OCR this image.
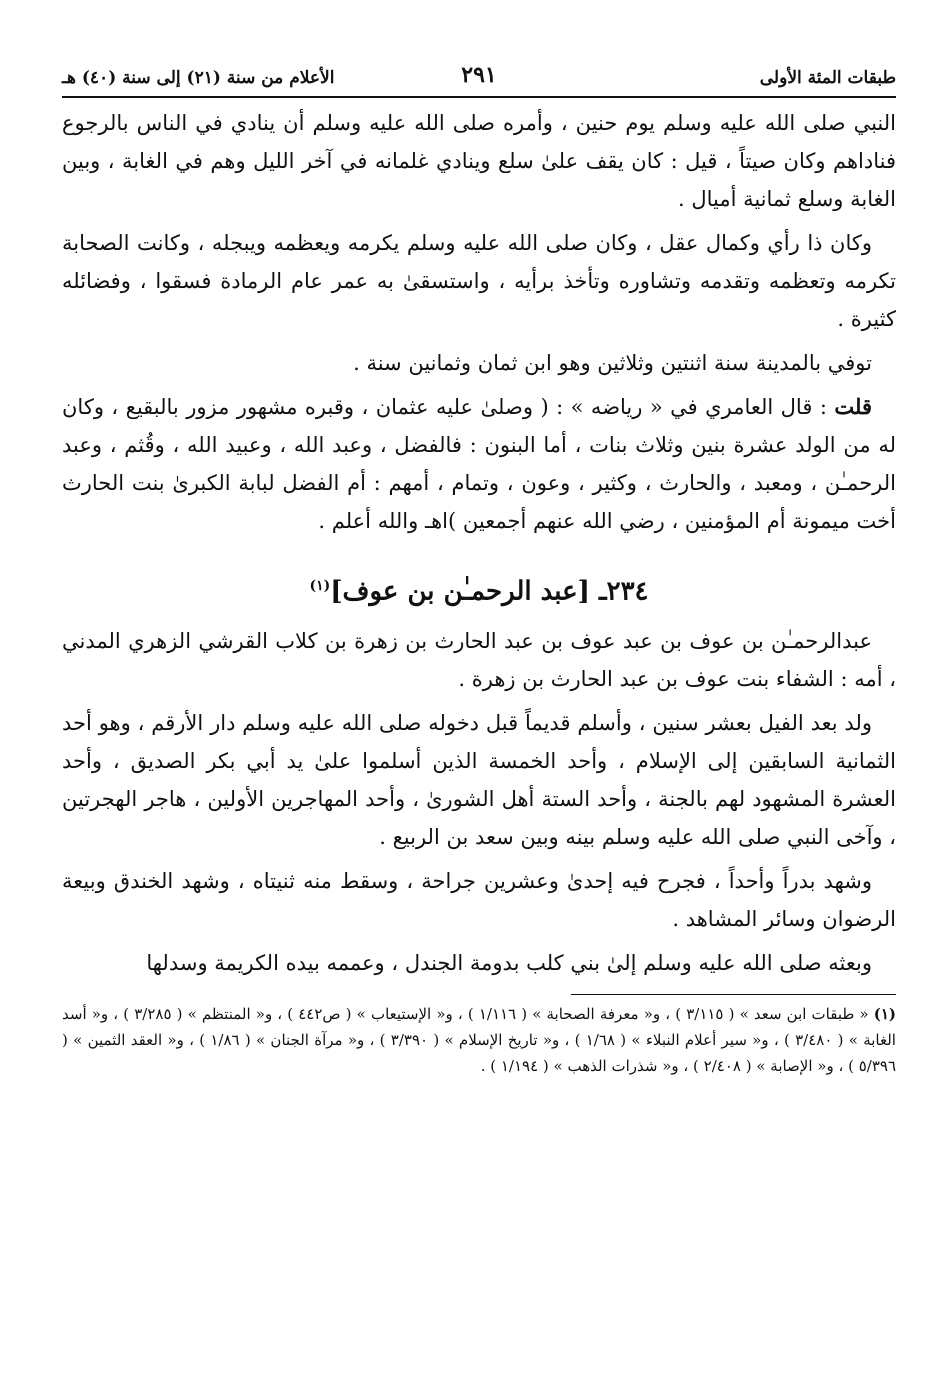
طبقات المئة الأولى
٢٩١
الأعلام من سنة (٢١) إلى سنة (٤٠) هـ

النبي صلى الله عليه وسلم يوم حنين ، وأمره صلى الله عليه وسلم أن ينادي في الناس بالرجوع فناداهم وكان صيتاً ، قيل : كان يقف علىٰ سلع وينادي غلمانه في آخر الليل وهم في الغابة ، وبين الغابة وسلع ثمانية أميال .

وكان ذا رأي وكمال عقل ، وكان صلى الله عليه وسلم يكرمه ويعظمه ويبجله ، وكانت الصحابة تكرمه وتعظمه وتقدمه وتشاوره وتأخذ برأيه ، واستسقىٰ به عمر عام الرمادة فسقوا ، وفضائله كثيرة .

توفي بالمدينة سنة اثنتين وثلاثين وهو ابن ثمان وثمانين سنة .

قلت : قال العامري في « رياضه » : ( وصلىٰ عليه عثمان ، وقبره مشهور مزور بالبقيع ، وكان له من الولد عشرة بنين وثلاث بنات ، أما البنون : فالفضل ، وعبد الله ، وعبيد الله ، وقُثم ، وعبد الرحمـٰن ، ومعبد ، والحارث ، وكثير ، وعون ، وتمام ، أمهم : أم الفضل لبابة الكبرىٰ بنت الحارث أخت ميمونة أم المؤمنين ، رضي الله عنهم أجمعين )اهـ والله أعلم .

٢٣٤ـ [عبد الرحمـٰن بن عوف]$^{(١)}$

عبدالرحمـٰن بن عوف بن عبد عوف بن عبد الحارث بن زهرة بن كلاب القرشي الزهري المدني ، أمه : الشفاء بنت عوف بن عبد الحارث بن زهرة .

ولد بعد الفيل بعشر سنين ، وأسلم قديماً قبل دخوله صلى الله عليه وسلم دار الأرقم ، وهو أحد الثمانية السابقين إلى الإسلام ، وأحد الخمسة الذين أسلموا علىٰ يد أبي بكر الصديق ، وأحد العشرة المشهود لهم بالجنة ، وأحد الستة أهل الشورىٰ ، وأحد المهاجرين الأولين ، هاجر الهجرتين ، وآخى النبي صلى الله عليه وسلم بينه وبين سعد بن الربيع .

وشهد بدراً وأحداً ، فجرح فيه إحدىٰ وعشرين جراحة ، وسقط منه ثنيتاه ، وشهد الخندق وبيعة الرضوان وسائر المشاهد .

وبعثه صلى الله عليه وسلم إلىٰ بني كلب بدومة الجندل ، وعممه بيده الكريمة وسدلها

(١) « طبقات ابن سعد » ( ٣/١١٥ ) ، و« معرفة الصحابة » ( ١/١١٦ ) ، و« الإستيعاب » ( ص٤٤٢ ) ، و« المنتظم » ( ٣/٢٨٥ ) ، و« أسد الغابة » ( ٣/٤٨٠ ) ، و« سير أعلام النبلاء » ( ١/٦٨ ) ، و« تاريخ الإسلام » ( ٣/٣٩٠ ) ، و« مرآة الجنان » ( ١/٨٦ ) ، و« العقد الثمين » ( ٥/٣٩٦ ) ، و« الإصابة » ( ٢/٤٠٨ ) ، و« شذرات الذهب » ( ١/١٩٤ ) .
